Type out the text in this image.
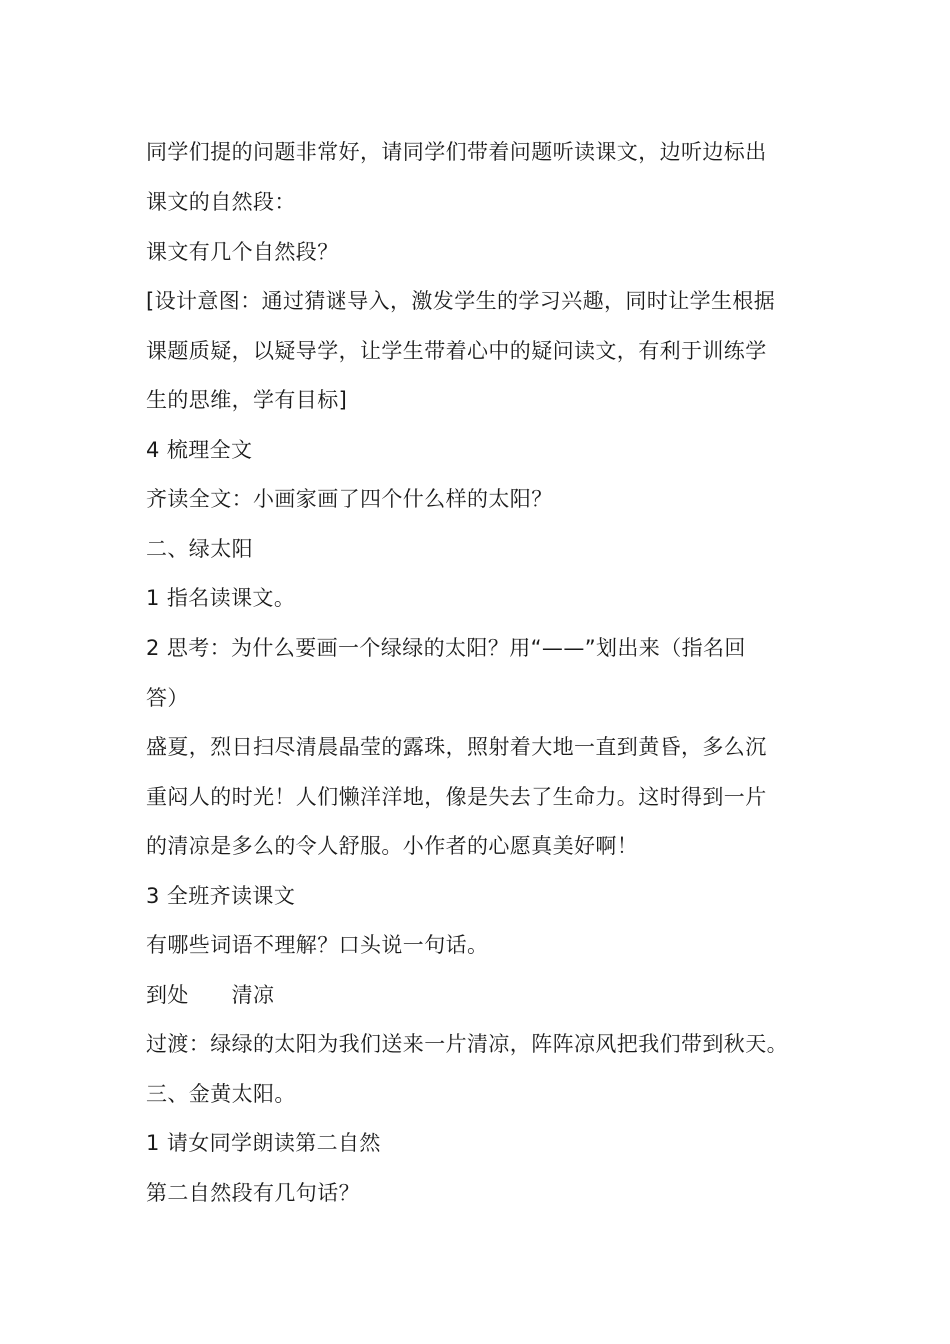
同学们提的问题非常好，请同学们带着问题听读课文，边听边标出
课文的自然段：
课文有几个自然段？
[设计意图：通过猜谜导入，激发学生的学习兴趣，同时让学生根据
课题质疑，以疑导学，让学生带着心中的疑问读文，有利于训练学
生的思维，学有目标]
4 梳理全文
齐读全文：小画家画了四个什么样的太阳？
二、绿太阳
1 指名读课文。
2 思考：为什么要画一个绿绿的太阳？用“——”划出来（指名回
答）
盛夏，烈日扫尽清晨晶莹的露珠，照射着大地一直到黄昏，多么沉
重闷人的时光！人们懒洋洋地，像是失去了生命力。这时得到一片
的清凉是多么的令人舒服。小作者的心愿真美好啊！
3 全班齐读课文
有哪些词语不理解？口头说一句话。
到处　　清凉
过渡：绿绿的太阳为我们送来一片清凉，阵阵凉风把我们带到秋天。
三、金黄太阳。
1 请女同学朗读第二自然
第二自然段有几句话？
